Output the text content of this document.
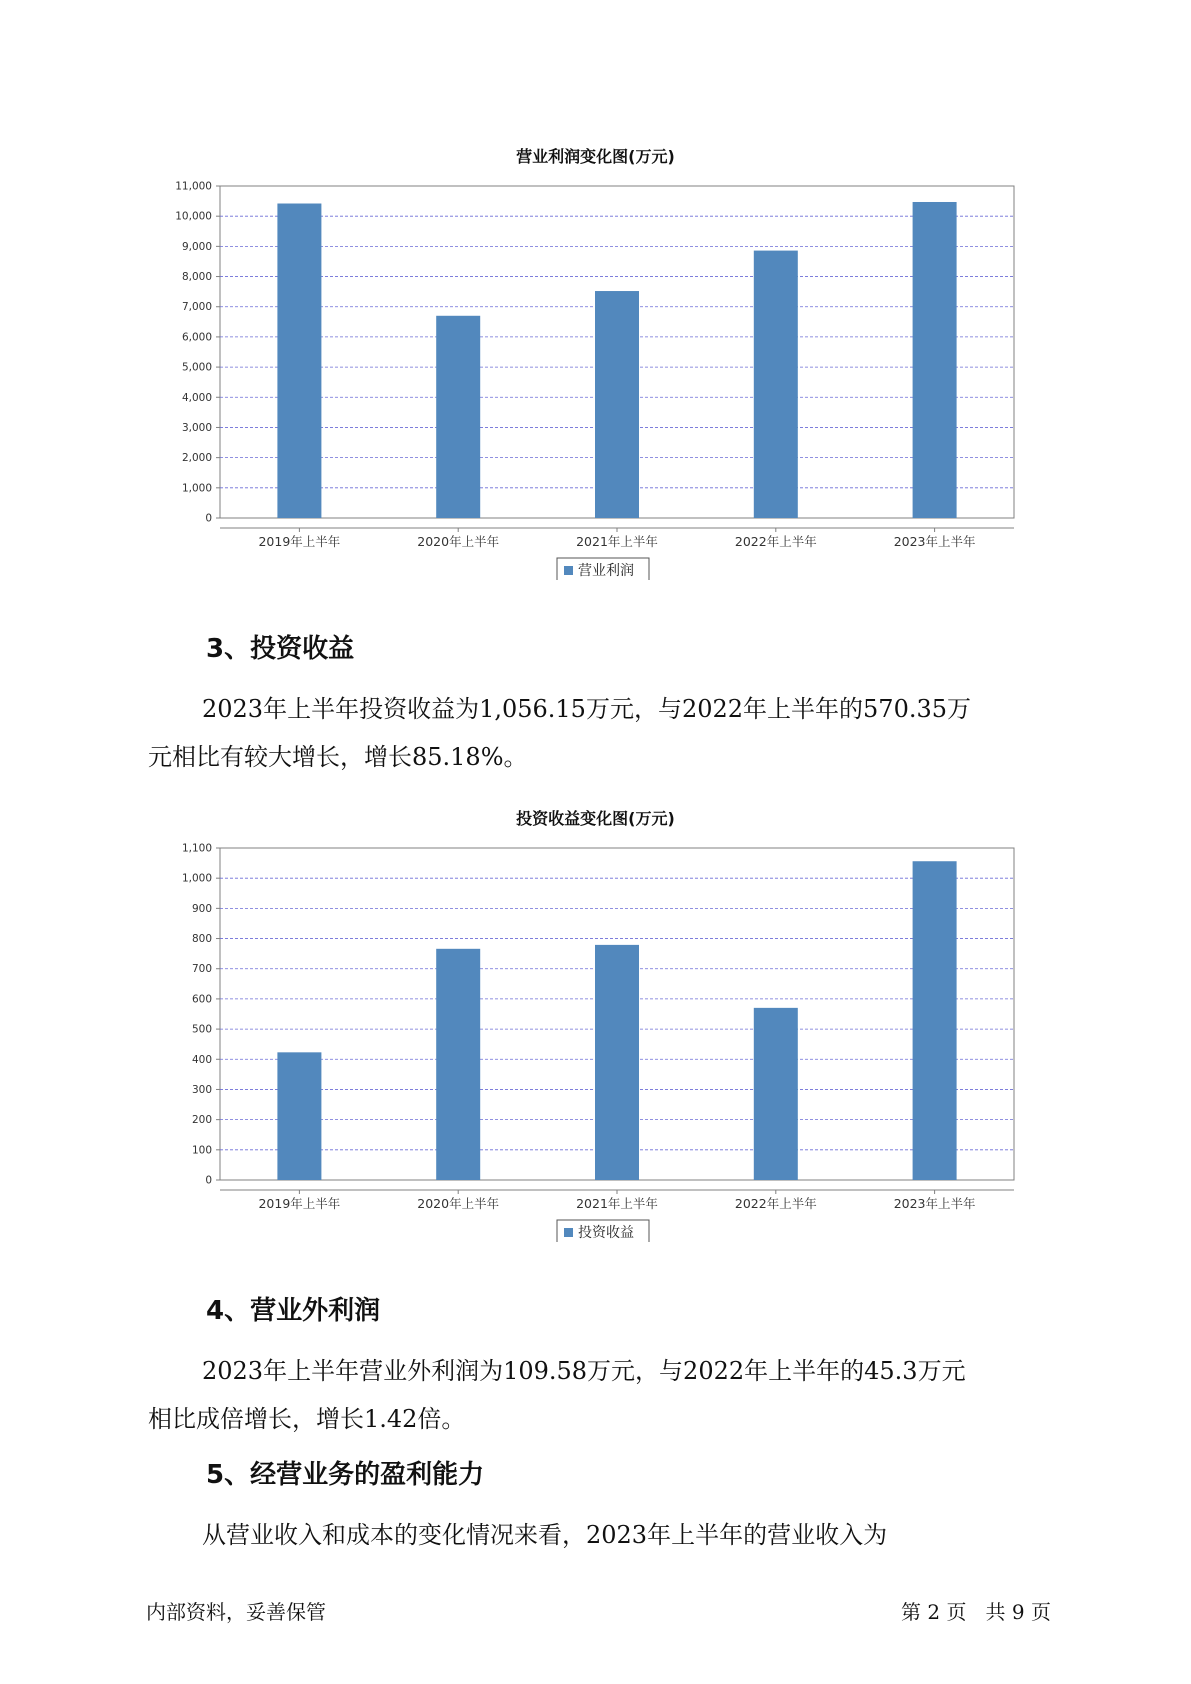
营业利润变化图(万元)
0
1,000
2,000
3,000
4,000
5,000
6,000
7,000
8,000
9,000
10,000
11,000
2019年上半年	2020年上半年	2021年上半年	2022年上半年	2023年上半年
营业利润
3、投资收益

2023年上半年投资收益为1,056.15万元，与2022年上半年的570.35万

元相比有较大增长，增长85.18%。

投资收益变化图(万元)
0
100
200
300
400
500
600
700
800
900
1,000
1,100
2019年上半年	2020年上半年	2021年上半年	2022年上半年	2023年上半年
投资收益
4、营业外利润

2023年上半年营业外利润为109.58万元，与2022年上半年的45.3万元

相比成倍增长，增长1.42倍。

5、经营业务的盈利能力

从营业收入和成本的变化情况来看，2023年上半年的营业收入为

内部资料，妥善保管	第 2 页   共 9 页
